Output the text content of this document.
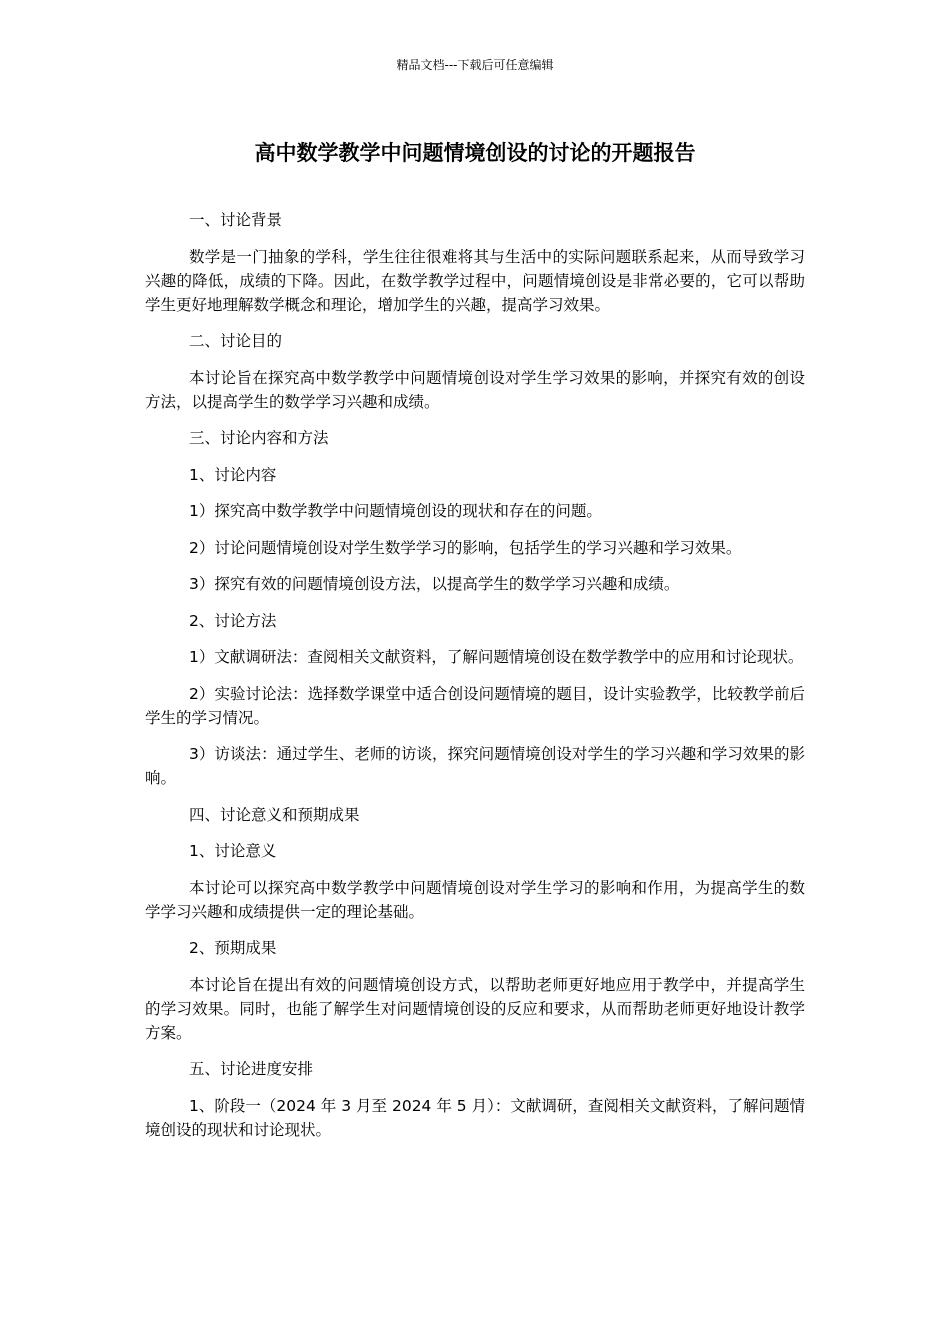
精品文档---下载后可任意编辑
高中数学教学中问题情境创设的讨论的开题报告

一、讨论背景

数学是一门抽象的学科，学生往往很难将其与生活中的实际问题联系起来，从而导致学习兴趣的降低，成绩的下降。因此，在数学教学过程中，问题情境创设是非常必要的，它可以帮助学生更好地理解数学概念和理论，增加学生的兴趣，提高学习效果。

二、讨论目的

本讨论旨在探究高中数学教学中问题情境创设对学生学习效果的影响，并探究有效的创设方法，以提高学生的数学学习兴趣和成绩。

三、讨论内容和方法

1、讨论内容

1）探究高中数学教学中问题情境创设的现状和存在的问题。

2）讨论问题情境创设对学生数学学习的影响，包括学生的学习兴趣和学习效果。

3）探究有效的问题情境创设方法，以提高学生的数学学习兴趣和成绩。

2、讨论方法

1）文献调研法：查阅相关文献资料，了解问题情境创设在数学教学中的应用和讨论现状。

2）实验讨论法：选择数学课堂中适合创设问题情境的题目，设计实验教学，比较教学前后学生的学习情况。

3）访谈法：通过学生、老师的访谈，探究问题情境创设对学生的学习兴趣和学习效果的影响。

四、讨论意义和预期成果

1、讨论意义

本讨论可以探究高中数学教学中问题情境创设对学生学习的影响和作用，为提高学生的数学学习兴趣和成绩提供一定的理论基础。

2、预期成果

本讨论旨在提出有效的问题情境创设方式，以帮助老师更好地应用于教学中，并提高学生的学习效果。同时，也能了解学生对问题情境创设的反应和要求，从而帮助老师更好地设计教学方案。

五、讨论进度安排

1、阶段一（2024 年 3 月至 2024 年 5 月）：文献调研，查阅相关文献资料，了解问题情境创设的现状和讨论现状。
